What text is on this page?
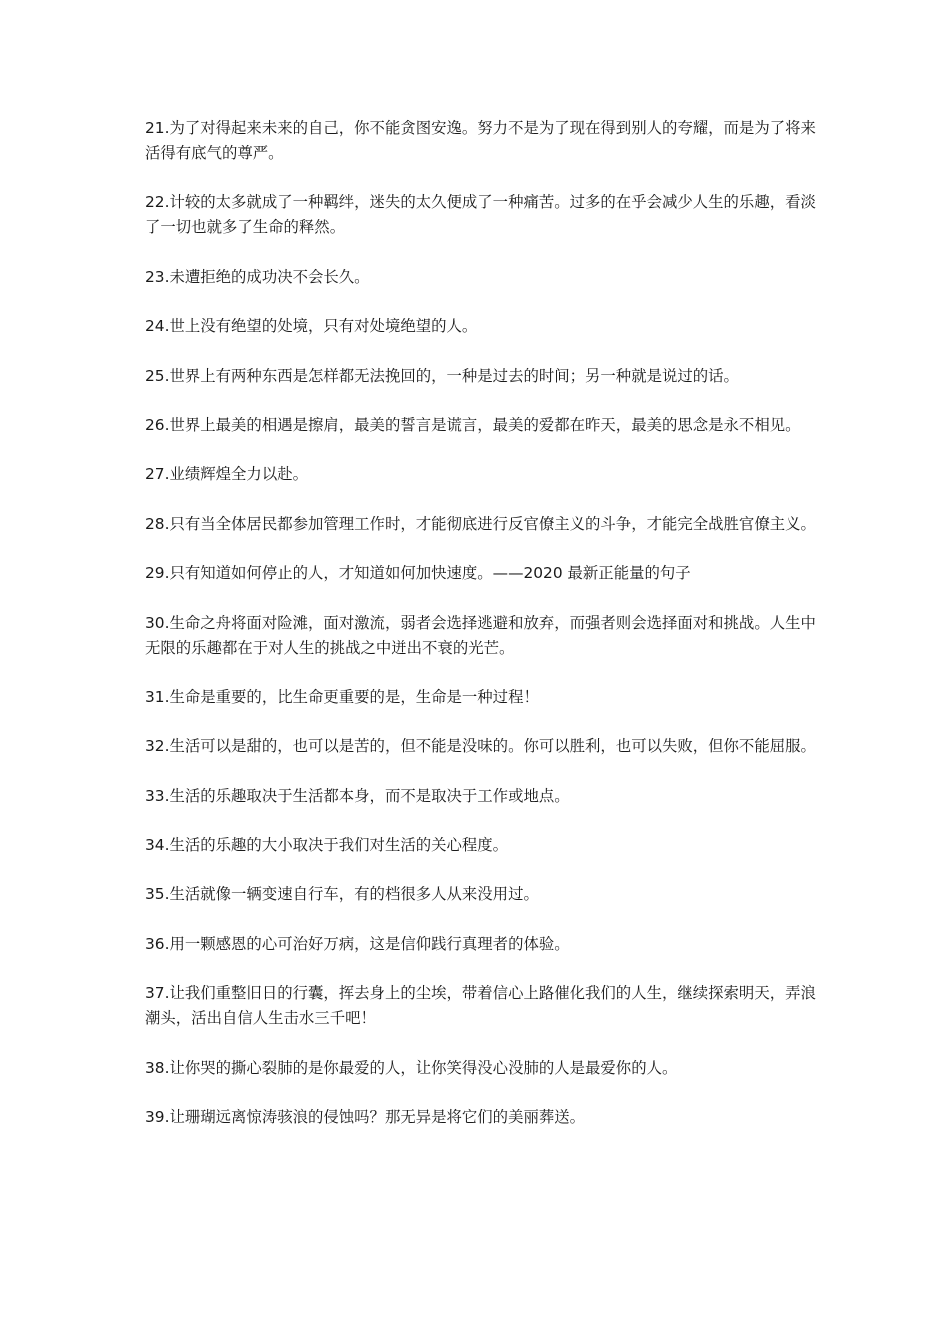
21.为了对得起来未来的自己，你不能贪图安逸。努力不是为了现在得到别人的夸耀，而是为了将来活得有底气的尊严。

22.计较的太多就成了一种羁绊，迷失的太久便成了一种痛苦。过多的在乎会减少人生的乐趣，看淡了一切也就多了生命的释然。

23.未遭拒绝的成功决不会长久。

24.世上没有绝望的处境，只有对处境绝望的人。

25.世界上有两种东西是怎样都无法挽回的，一种是过去的时间；另一种就是说过的话。

26.世界上最美的相遇是擦肩，最美的誓言是谎言，最美的爱都在昨天，最美的思念是永不相见。

27.业绩辉煌全力以赴。

28.只有当全体居民都参加管理工作时，才能彻底进行反官僚主义的斗争，才能完全战胜官僚主义。

29.只有知道如何停止的人，才知道如何加快速度。——2020 最新正能量的句子

30.生命之舟将面对险滩，面对激流，弱者会选择逃避和放弃，而强者则会选择面对和挑战。人生中无限的乐趣都在于对人生的挑战之中迸出不衰的光芒。

31.生命是重要的，比生命更重要的是，生命是一种过程！

32.生活可以是甜的，也可以是苦的，但不能是没味的。你可以胜利，也可以失败，但你不能屈服。

33.生活的乐趣取决于生活都本身，而不是取决于工作或地点。

34.生活的乐趣的大小取决于我们对生活的关心程度。

35.生活就像一辆变速自行车，有的档很多人从来没用过。

36.用一颗感恩的心可治好万病，这是信仰践行真理者的体验。

37.让我们重整旧日的行囊，挥去身上的尘埃，带着信心上路催化我们的人生，继续探索明天，弄浪潮头，活出自信人生击水三千吧！

38.让你哭的撕心裂肺的是你最爱的人，让你笑得没心没肺的人是最爱你的人。

39.让珊瑚远离惊涛骇浪的侵蚀吗？那无异是将它们的美丽葬送。
